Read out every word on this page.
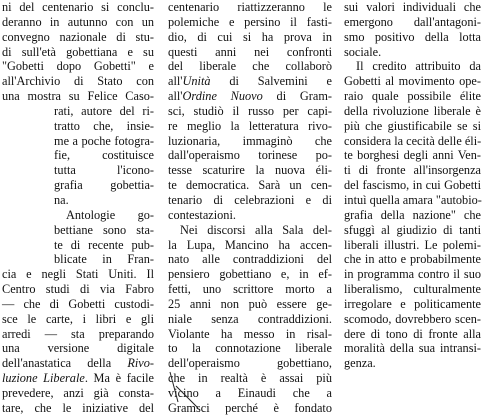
ni del centenario si conclu-
deranno in autunno con un
convegno nazionale di stu-
di sull'età gobettiana e su
"Gobetti dopo Gobetti" e
all'Archivio di Stato con
una mostra su Felice Caso-
rati, autore del ri-
tratto che, insie-
me a poche fotogra-
fie, costituisce
tutta l'icono-
grafia gobettia-
na.
Antologie go-
bettiane sono sta-
te di recente pub-
blicate in Fran-
cia e negli Stati Uniti. Il
Centro studi di via Fabro
— che di Gobetti custodi-
sce le carte, i libri e gli
arredi — sta preparando
una versione digitale
dell'anastatica della Rivo-
luzione Liberale. Ma è facile
prevedere, anzi già consta-
tare, che le iniziative del
centenario riattizzeranno le
polemiche e persino il fasti-
dio, di cui si ha prova in
questi anni nei confronti
del liberale che collaborò
all'Unità di Salvemini e
all'Ordine Nuovo di Gram-
sci, studiò il russo per capi-
re meglio la letteratura rivo-
luzionaria, immaginò che
dall'operaismo torinese po-
tesse scaturire la nuova éli-
te democratica. Sarà un cen-
tenario di celebrazioni e di
contestazioni.
Nei discorsi alla Sala del-
la Lupa, Mancino ha accen-
nato alle contraddizioni del
pensiero gobettiano e, in ef-
fetti, uno scrittore morto a
25 anni non può essere ge-
niale senza contraddizioni.
Violante ha messo in risal-
to la connotazione liberale
dell'operaismo gobettiano,
che in realtà è assai più
vicino a Einaudi che a
Gramsci perché è fondato
sui valori individuali che
emergono dall'antagoni-
smo positivo della lotta
sociale.
Il credito attribuito da
Gobetti al movimento ope-
raio quale possibile élite
della rivoluzione liberale è
più che giustificabile se si
considera la cecità delle éli-
te borghesi degli anni Ven-
ti di fronte all'insorgenza
del fascismo, in cui Gobetti
intuì quella amara "autobio-
grafia della nazione" che
sfuggì al giudizio di tanti
liberali illustri. Le polemi-
che in atto e probabilmente
in programma contro il suo
liberalismo, culturalmente
irregolare e politicamente
scomodo, dovrebbero scen-
dere di tono di fronte alla
moralità della sua intransi-
genza.
